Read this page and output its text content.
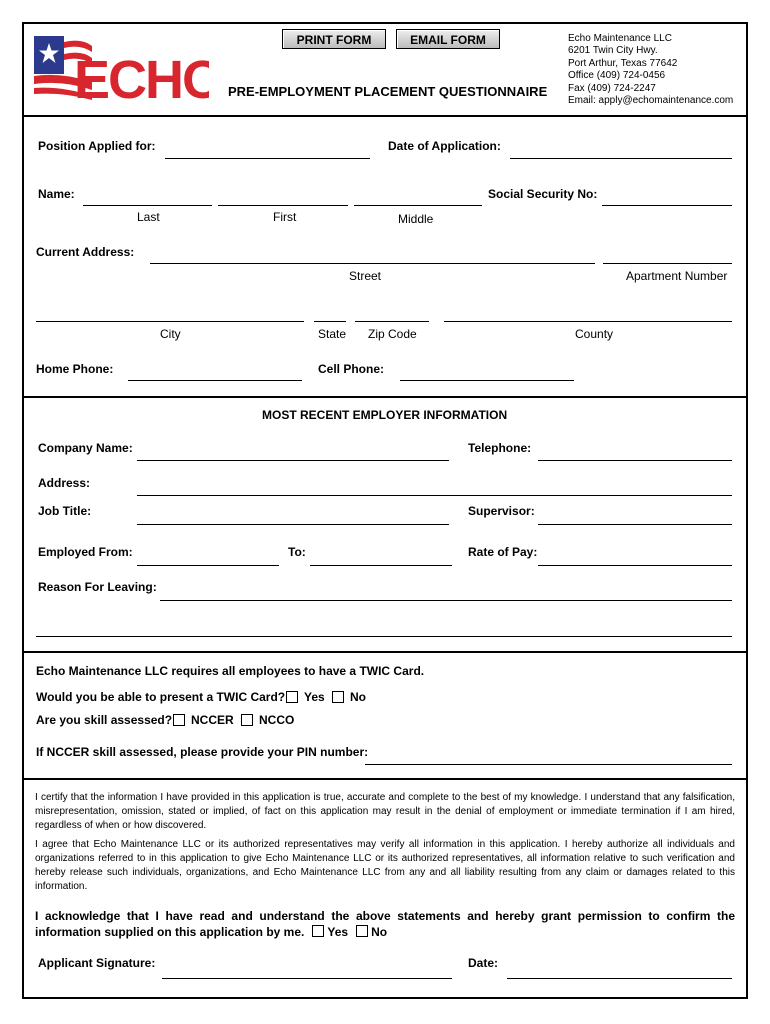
ECHO
PRINT FORM	EMAIL FORM
PRE-EMPLOYMENT PLACEMENT QUESTIONNAIRE
Echo Maintenance LLC
6201 Twin City Hwy.
Port Arthur, Texas 77642
Office (409) 724-0456
Fax (409) 724-2247
Email: apply@echomaintenance.com
Position Applied for:	Date of Application:
Name:	Social Security No:
Last	First	Middle
Current Address:
Street	Apartment Number
City	State Zip Code	County
Home Phone:	Cell Phone:
MOST RECENT EMPLOYER INFORMATION
Company Name:	Telephone:
Address:
Job Title:	Supervisor:
Employed From:	To:	Rate of Pay:
Reason For Leaving:
Echo Maintenance LLC requires all employees to have a TWIC Card.
Would you be able to present a TWIC Card? Yes No
Are you skill assessed? NCCER NCCO
If NCCER skill assessed, please provide your PIN number:
I certify that the information I have provided in this application is true, accurate and complete to the best of my knowledge. I understand that any falsification, misrepresentation, omission, stated or implied, of fact on this application may result in the denial of employment or immediate termination if I am hired, regardless of when or how discovered.
I agree that Echo Maintenance LLC or its authorized representatives may verify all information in this application. I hereby authorize all individuals and organizations referred to in this application to give Echo Maintenance LLC or its authorized representatives, all information relative to such verification and hereby release such individuals, organizations, and Echo Maintenance LLC from any and all liability resulting from any claim or damages related to this information.
I acknowledge that I have read and understand the above statements and hereby grant permission to confirm the information supplied on this application by me. Yes No
Applicant Signature:	Date:
